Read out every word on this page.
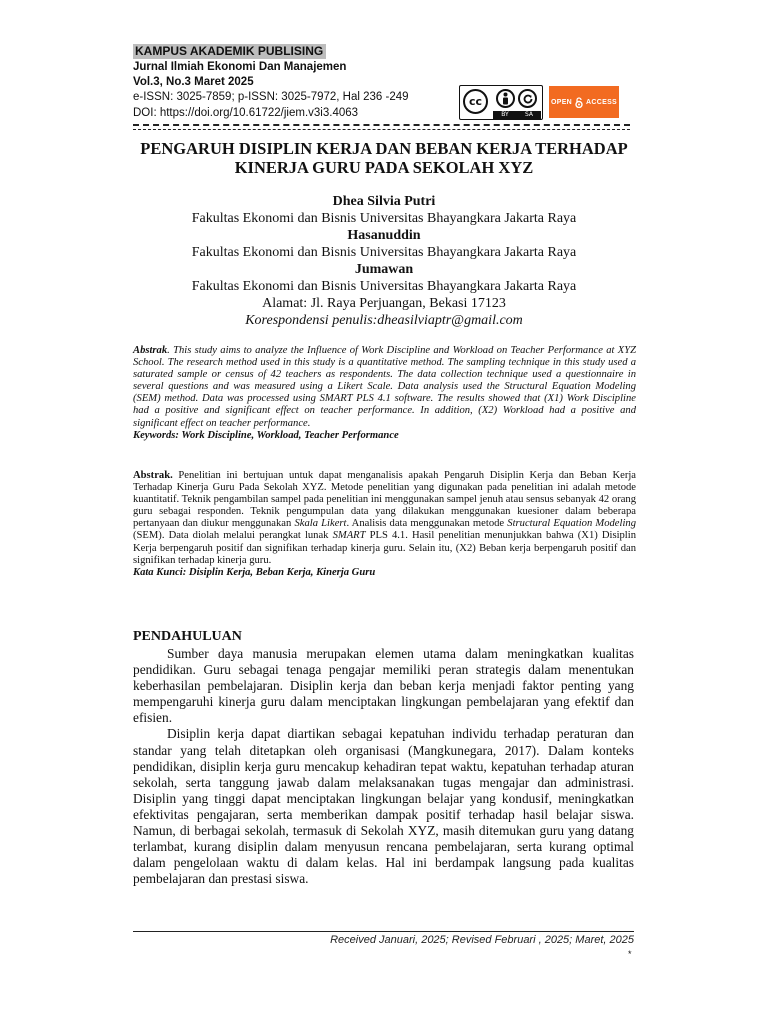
KAMPUS AKADEMIK PUBLISING
Jurnal Ilmiah Ekonomi Dan Manajemen
Vol.3, No.3 Maret 2025
e-ISSN: 3025-7859; p-ISSN: 3025-7972, Hal 236 -249
DOI: https://doi.org/10.61722/jiem.v3i3.4063
cc
BY	SA
OPEN ACCESS
PENGARUH DISIPLIN KERJA DAN BEBAN KERJA TERHADAP KINERJA GURU PADA SEKOLAH XYZ
Dhea Silvia Putri
Fakultas Ekonomi dan Bisnis Universitas Bhayangkara Jakarta Raya
Hasanuddin
Fakultas Ekonomi dan Bisnis Universitas Bhayangkara Jakarta Raya
Jumawan
Fakultas Ekonomi dan Bisnis Universitas Bhayangkara Jakarta Raya
Alamat: Jl. Raya Perjuangan, Bekasi 17123
Korespondensi penulis:dheasilviaptr@gmail.com
Abstrak. This study aims to analyze the Influence of Work Discipline and Workload on Teacher Performance at XYZ School. The research method used in this study is a quantitative method. The sampling technique in this study used a saturated sample or census of 42 teachers as respondents. The data collection technique used a questionnaire in several questions and was measured using a Likert Scale. Data analysis used the Structural Equation Modeling (SEM) method. Data was processed using SMART PLS 4.1 software. The results showed that (X1) Work Discipline had a positive and significant effect on teacher performance. In addition, (X2) Workload had a positive and significant effect on teacher performance.
Keywords: Work Discipline, Workload, Teacher Performance
Abstrak. Penelitian ini bertujuan untuk dapat menganalisis apakah Pengaruh Disiplin Kerja dan Beban Kerja Terhadap Kinerja Guru Pada Sekolah XYZ. Metode penelitian yang digunakan pada penelitian ini adalah metode kuantitatif. Teknik pengambilan sampel pada penelitian ini menggunakan sampel jenuh atau sensus sebanyak 42 orang guru sebagai responden. Teknik pengumpulan data yang dilakukan menggunakan kuesioner dalam beberapa pertanyaan dan diukur menggunakan Skala Likert. Analisis data menggunakan metode Structural Equation Modeling (SEM). Data diolah melalui perangkat lunak SMART PLS 4.1. Hasil penelitian menunjukkan bahwa (X1) Disiplin Kerja berpengaruh positif dan signifikan terhadap kinerja guru. Selain itu, (X2) Beban kerja berpengaruh positif dan signifikan terhadap kinerja guru.
Kata Kunci: Disiplin Kerja, Beban Kerja, Kinerja Guru
PENDAHULUAN

Sumber daya manusia merupakan elemen utama dalam meningkatkan kualitas pendidikan. Guru sebagai tenaga pengajar memiliki peran strategis dalam menentukan keberhasilan pembelajaran. Disiplin kerja dan beban kerja menjadi faktor penting yang mempengaruhi kinerja guru dalam menciptakan lingkungan pembelajaran yang efektif dan efisien.

Disiplin kerja dapat diartikan sebagai kepatuhan individu terhadap peraturan dan standar yang telah ditetapkan oleh organisasi (Mangkunegara, 2017). Dalam konteks pendidikan, disiplin kerja guru mencakup kehadiran tepat waktu, kepatuhan terhadap aturan sekolah, serta tanggung jawab dalam melaksanakan tugas mengajar dan administrasi. Disiplin yang tinggi dapat menciptakan lingkungan belajar yang kondusif, meningkatkan efektivitas pengajaran, serta memberikan dampak positif terhadap hasil belajar siswa. Namun, di berbagai sekolah, termasuk di Sekolah XYZ, masih ditemukan guru yang datang terlambat, kurang disiplin dalam menyusun rencana pembelajaran, serta kurang optimal dalam pengelolaan waktu di dalam kelas. Hal ini berdampak langsung pada kualitas pembelajaran dan prestasi siswa.

Received Januari, 2025; Revised Februari , 2025; Maret, 2025
*
